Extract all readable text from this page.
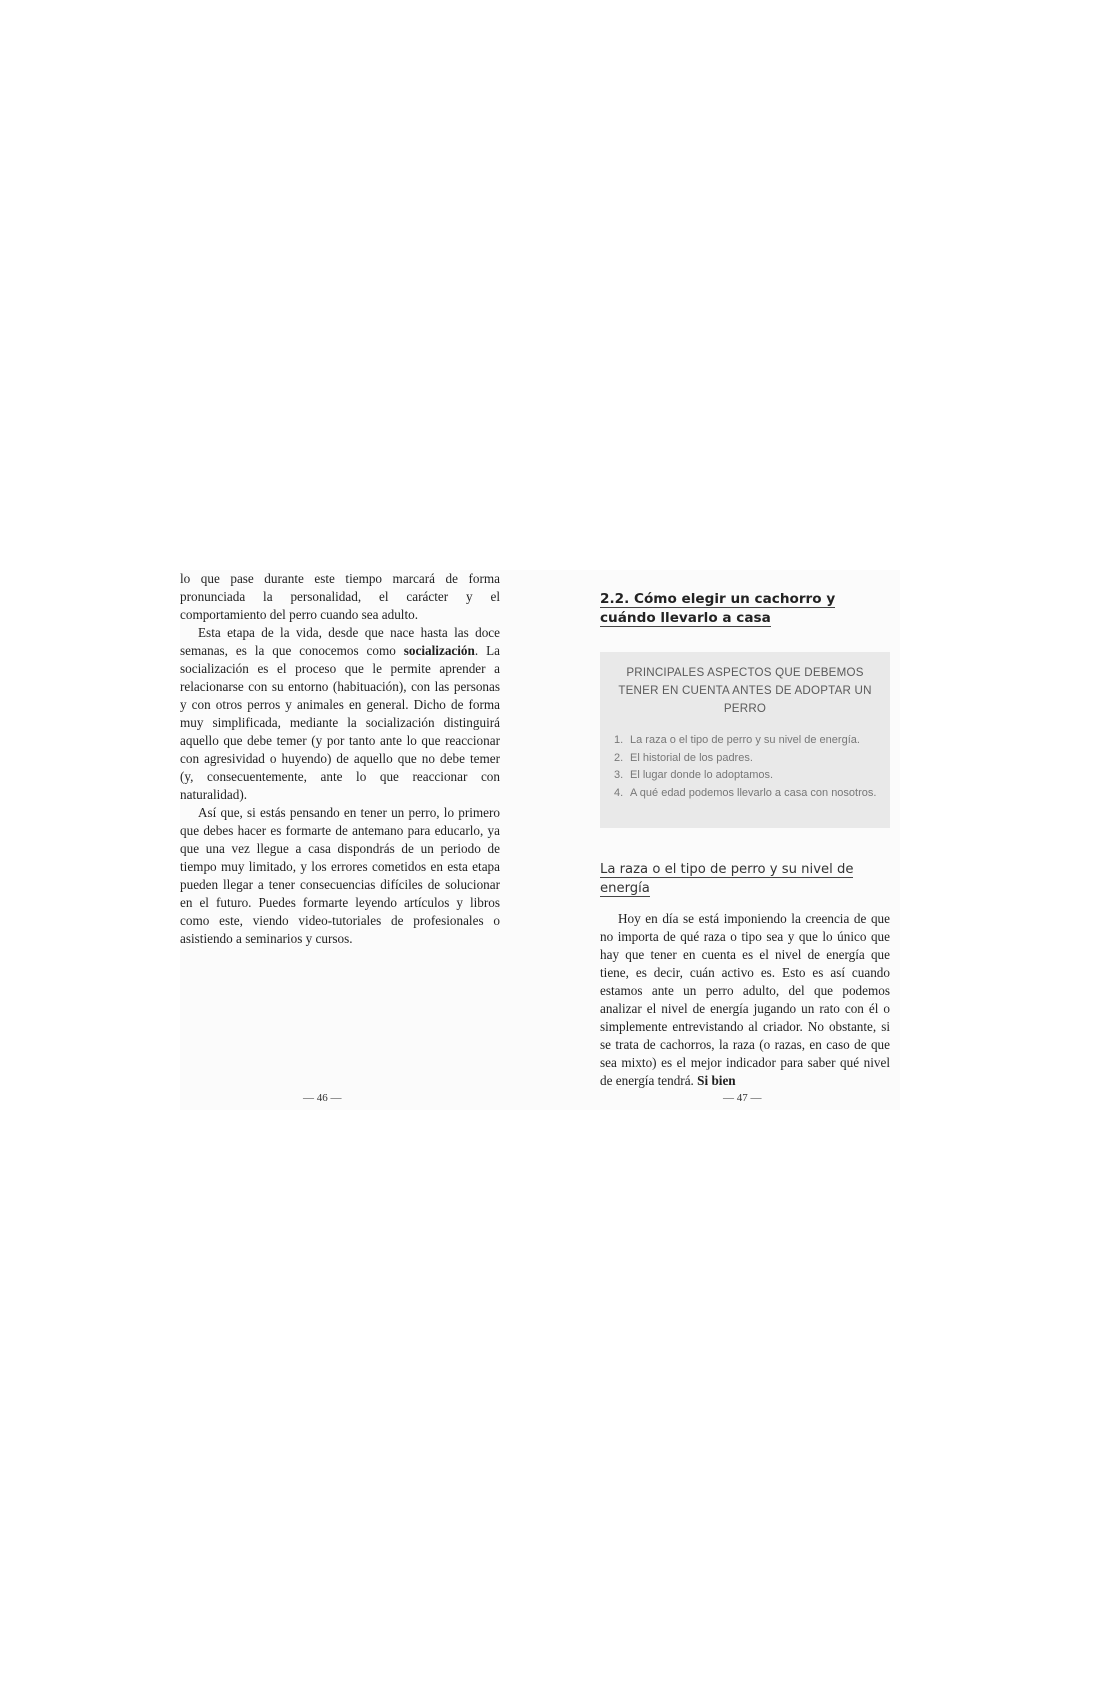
lo que pase durante este tiempo marcará de forma pronunciada la personalidad, el carácter y el comportamiento del perro cuando sea adulto.

Esta etapa de la vida, desde que nace hasta las doce semanas, es la que conocemos como socialización. La socialización es el proceso que le permite aprender a relacionarse con su entorno (habituación), con las personas y con otros perros y animales en general. Dicho de forma muy simplificada, mediante la socialización distinguirá aquello que debe temer (y por tanto ante lo que reaccionar con agresividad o huyendo) de aquello que no debe temer (y, consecuentemente, ante lo que reaccionar con naturalidad).

Así que, si estás pensando en tener un perro, lo primero que debes hacer es formarte de antemano para educarlo, ya que una vez llegue a casa dispondrás de un periodo de tiempo muy limitado, y los errores cometidos en esta etapa pueden llegar a tener consecuencias difíciles de solucionar en el futuro. Puedes formarte leyendo artículos y libros como este, viendo video-tutoriales de profesionales o asistiendo a seminarios y cursos.

— 46 —
2.2. Cómo elegir un cachorro y cuándo llevarlo a casa
PRINCIPALES ASPECTOS QUE DEBEMOS TENER EN CUENTA ANTES DE ADOPTAR UN PERRO
1. La raza o el tipo de perro y su nivel de energía.
2. El historial de los padres.
3. El lugar donde lo adoptamos.
4. A qué edad podemos llevarlo a casa con nosotros.
La raza o el tipo de perro y su nivel de energía

Hoy en día se está imponiendo la creencia de que no importa de qué raza o tipo sea y que lo único que hay que tener en cuenta es el nivel de energía que tiene, es decir, cuán activo es. Esto es así cuando estamos ante un perro adulto, del que podemos analizar el nivel de energía jugando un rato con él o simplemente entrevistando al criador. No obstante, si se trata de cachorros, la raza (o razas, en caso de que sea mixto) es el mejor indicador para saber qué nivel de energía tendrá. Si bien

— 47 —
